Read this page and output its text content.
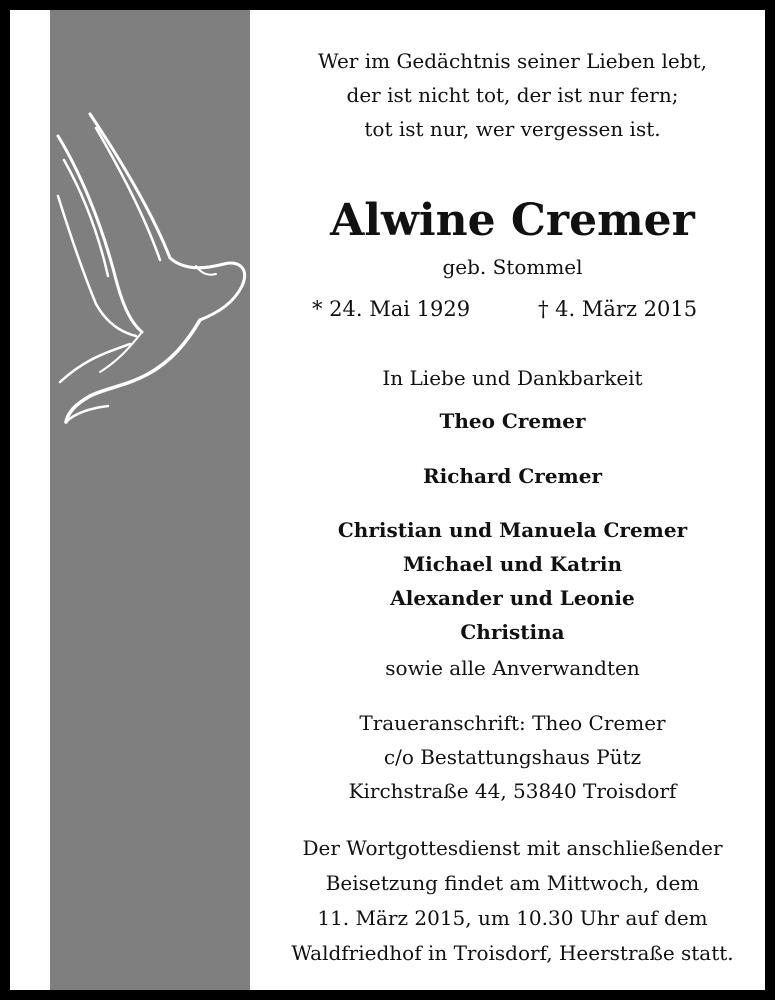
Wer im Gedächtnis seiner Lieben lebt,
der ist nicht tot, der ist nur fern;
tot ist nur, wer vergessen ist.
Alwine Cremer
geb. Stommel
* 24. Mai 1929	† 4. März 2015
In Liebe und Dankbarkeit
Theo Cremer
Richard Cremer
Christian und Manuela Cremer
Michael und Katrin
Alexander und Leonie
Christina
sowie alle Anverwandten
Traueranschrift: Theo Cremer
c/o Bestattungshaus Pütz
Kirchstraße 44, 53840 Troisdorf
Der Wortgottesdienst mit anschließender
Beisetzung findet am Mittwoch, dem
11. März 2015, um 10.30 Uhr auf dem
Waldfriedhof in Troisdorf, Heerstraße statt.
